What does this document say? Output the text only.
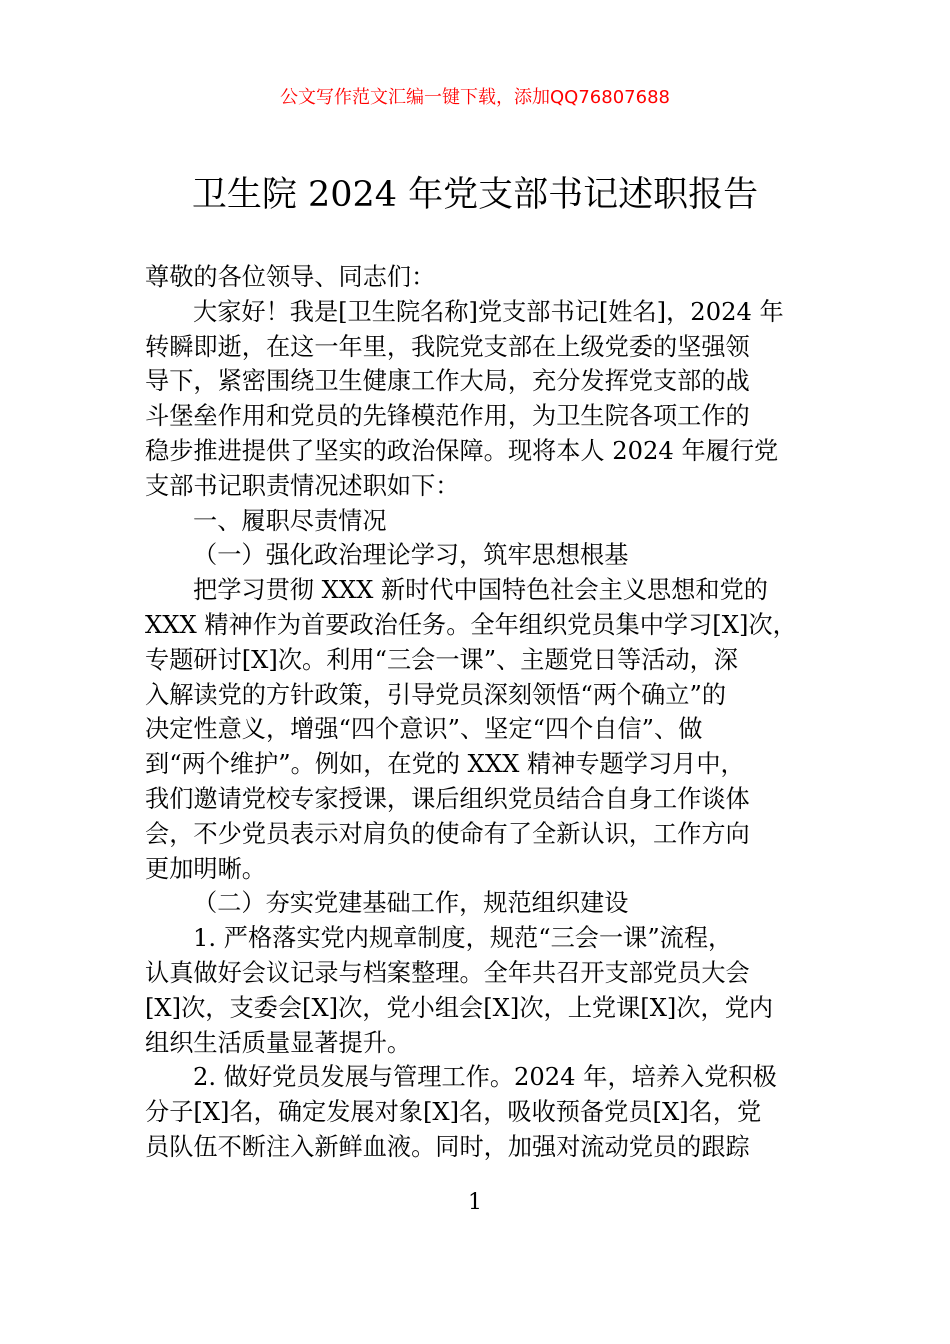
公文写作范文汇编一键下载，添加QQ76807688
卫生院 2024 年党支部书记述职报告

尊敬的各位领导、同志们：

大家好！我是[卫生院名称]党支部书记[姓名]，2024 年

转瞬即逝，在这一年里，我院党支部在上级党委的坚强领

导下，紧密围绕卫生健康工作大局，充分发挥党支部的战

斗堡垒作用和党员的先锋模范作用，为卫生院各项工作的

稳步推进提供了坚实的政治保障。现将本人 2024 年履行党

支部书记职责情况述职如下：

一、履职尽责情况

（一）强化政治理论学习，筑牢思想根基

把学习贯彻 XXX 新时代中国特色社会主义思想和党的

XXX 精神作为首要政治任务。全年组织党员集中学习[X]次，

专题研讨[X]次。利用“三会一课”、主题党日等活动，深

入解读党的方针政策，引导党员深刻领悟“两个确立”的

决定性意义，增强“四个意识”、坚定“四个自信”、做

到“两个维护”。例如，在党的 XXX 精神专题学习月中，

我们邀请党校专家授课，课后组织党员结合自身工作谈体

会，不少党员表示对肩负的使命有了全新认识，工作方向

更加明晰。

（二）夯实党建基础工作，规范组织建设

1. 严格落实党内规章制度，规范“三会一课”流程，

认真做好会议记录与档案整理。全年共召开支部党员大会

[X]次，支委会[X]次，党小组会[X]次，上党课[X]次，党内

组织生活质量显著提升。

2. 做好党员发展与管理工作。2024 年，培养入党积极

分子[X]名，确定发展对象[X]名，吸收预备党员[X]名，党

员队伍不断注入新鲜血液。同时，加强对流动党员的跟踪

1
